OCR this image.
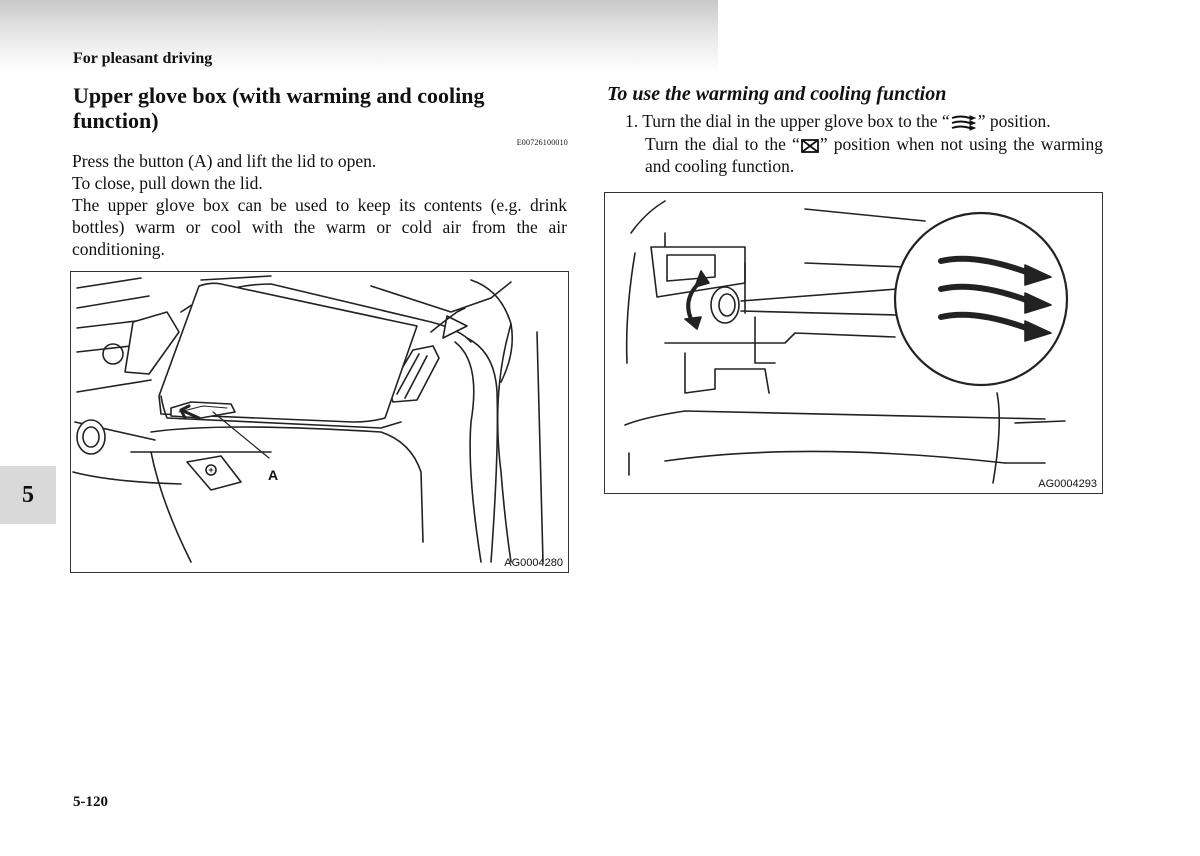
For pleasant driving
Upper glove box (with warming and cooling function)
E00726100010

Press the button (A) and lift the lid to open.

To close, pull down the lid.

The upper glove box can be used to keep its contents (e.g. drink bottles) warm or cool with the warm or cold air from the air conditioning.

A
AG0004280
To use the warming and cooling function
1. Turn the dial in the upper glove box to the “ ” position.
Turn the dial to the “ ” position when not using the warming and cooling function.
AG0004293
5
5-120
